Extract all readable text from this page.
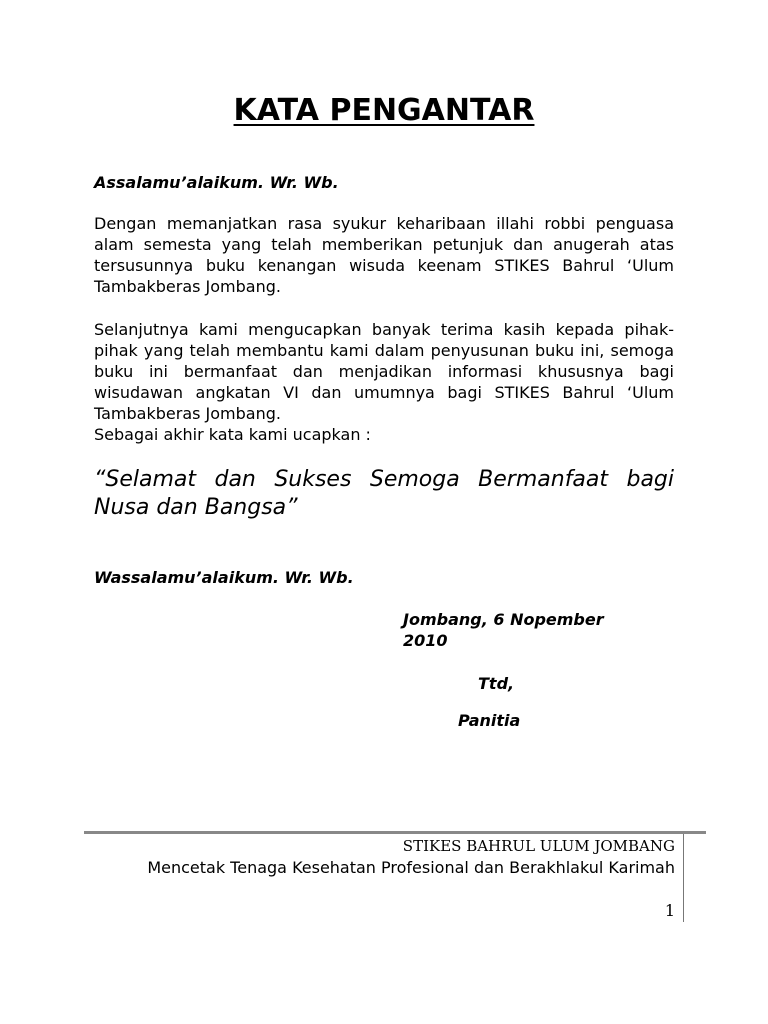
KATA PENGANTAR

Assalamu’alaikum. Wr. Wb.

Dengan memanjatkan rasa syukur keharibaan illahi robbi penguasa alam semesta yang telah memberikan petunjuk dan anugerah atas tersusunnya buku kenangan wisuda keenam STIKES Bahrul ‘Ulum Tambakberas Jombang.

Selanjutnya kami mengucapkan banyak terima kasih kepada pihak-pihak yang telah membantu kami dalam penyusunan buku ini, semoga buku ini bermanfaat dan menjadikan informasi khususnya bagi wisudawan angkatan VI dan umumnya bagi STIKES Bahrul ‘Ulum Tambakberas Jombang.

Sebagai akhir kata kami ucapkan :

“Selamat dan Sukses Semoga Bermanfaat bagi Nusa dan Bangsa”

Wassalamu’alaikum. Wr. Wb.

Jombang, 6 Nopember 2010

Ttd,

Panitia

STIKES BAHRUL ULUM JOMBANG

Mencetak Tenaga Kesehatan Profesional dan Berakhlakul Karimah

1
